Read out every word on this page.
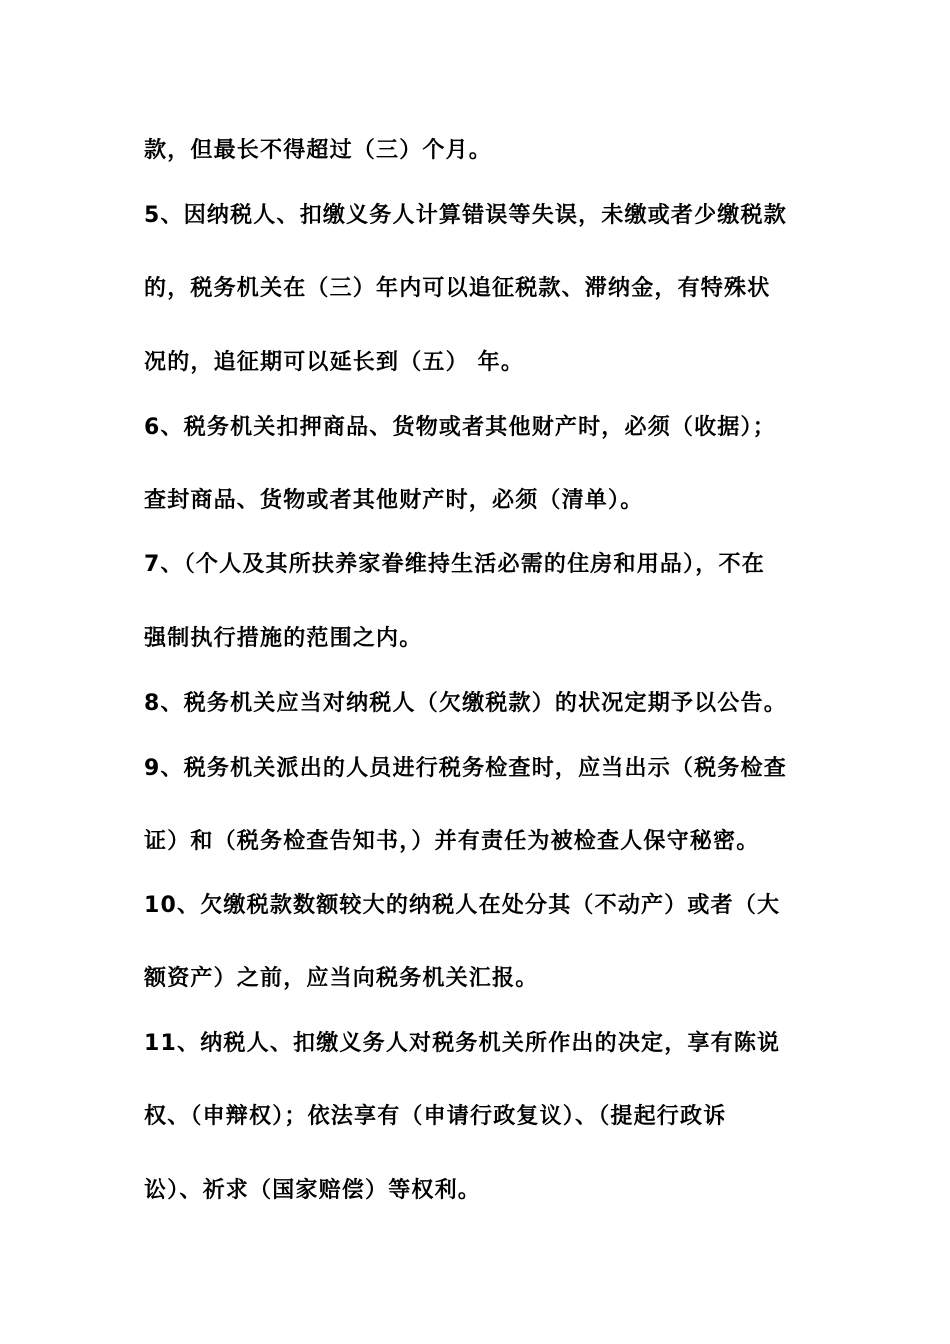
款，但最长不得超过（三）个月。
5、因纳税人、扣缴义务人计算错误等失误，未缴或者少缴税款
的，税务机关在（三）年内可以追征税款、滞纳金，有特殊状
况的，追征期可以延长到（五） 年。
6、税务机关扣押商品、货物或者其他财产时，必须（收据）；
查封商品、货物或者其他财产时，必须（清单）。
7、（个人及其所扶养家眷维持生活必需的住房和用品），不在
强制执行措施的范围之内。
8、税务机关应当对纳税人（欠缴税款）的状况定期予以公告。
9、税务机关派出的人员进行税务检查时，应当出示（税务检查
证）和（税务检查告知书，）并有责任为被检查人保守秘密。
10、欠缴税款数额较大的纳税人在处分其（不动产）或者（大
额资产）之前，应当向税务机关汇报。
11、纳税人、扣缴义务人对税务机关所作出的决定，享有陈说
权、（申辩权）；依法享有（申请行政复议）、（提起行政诉
讼）、祈求（国家赔偿）等权利。
